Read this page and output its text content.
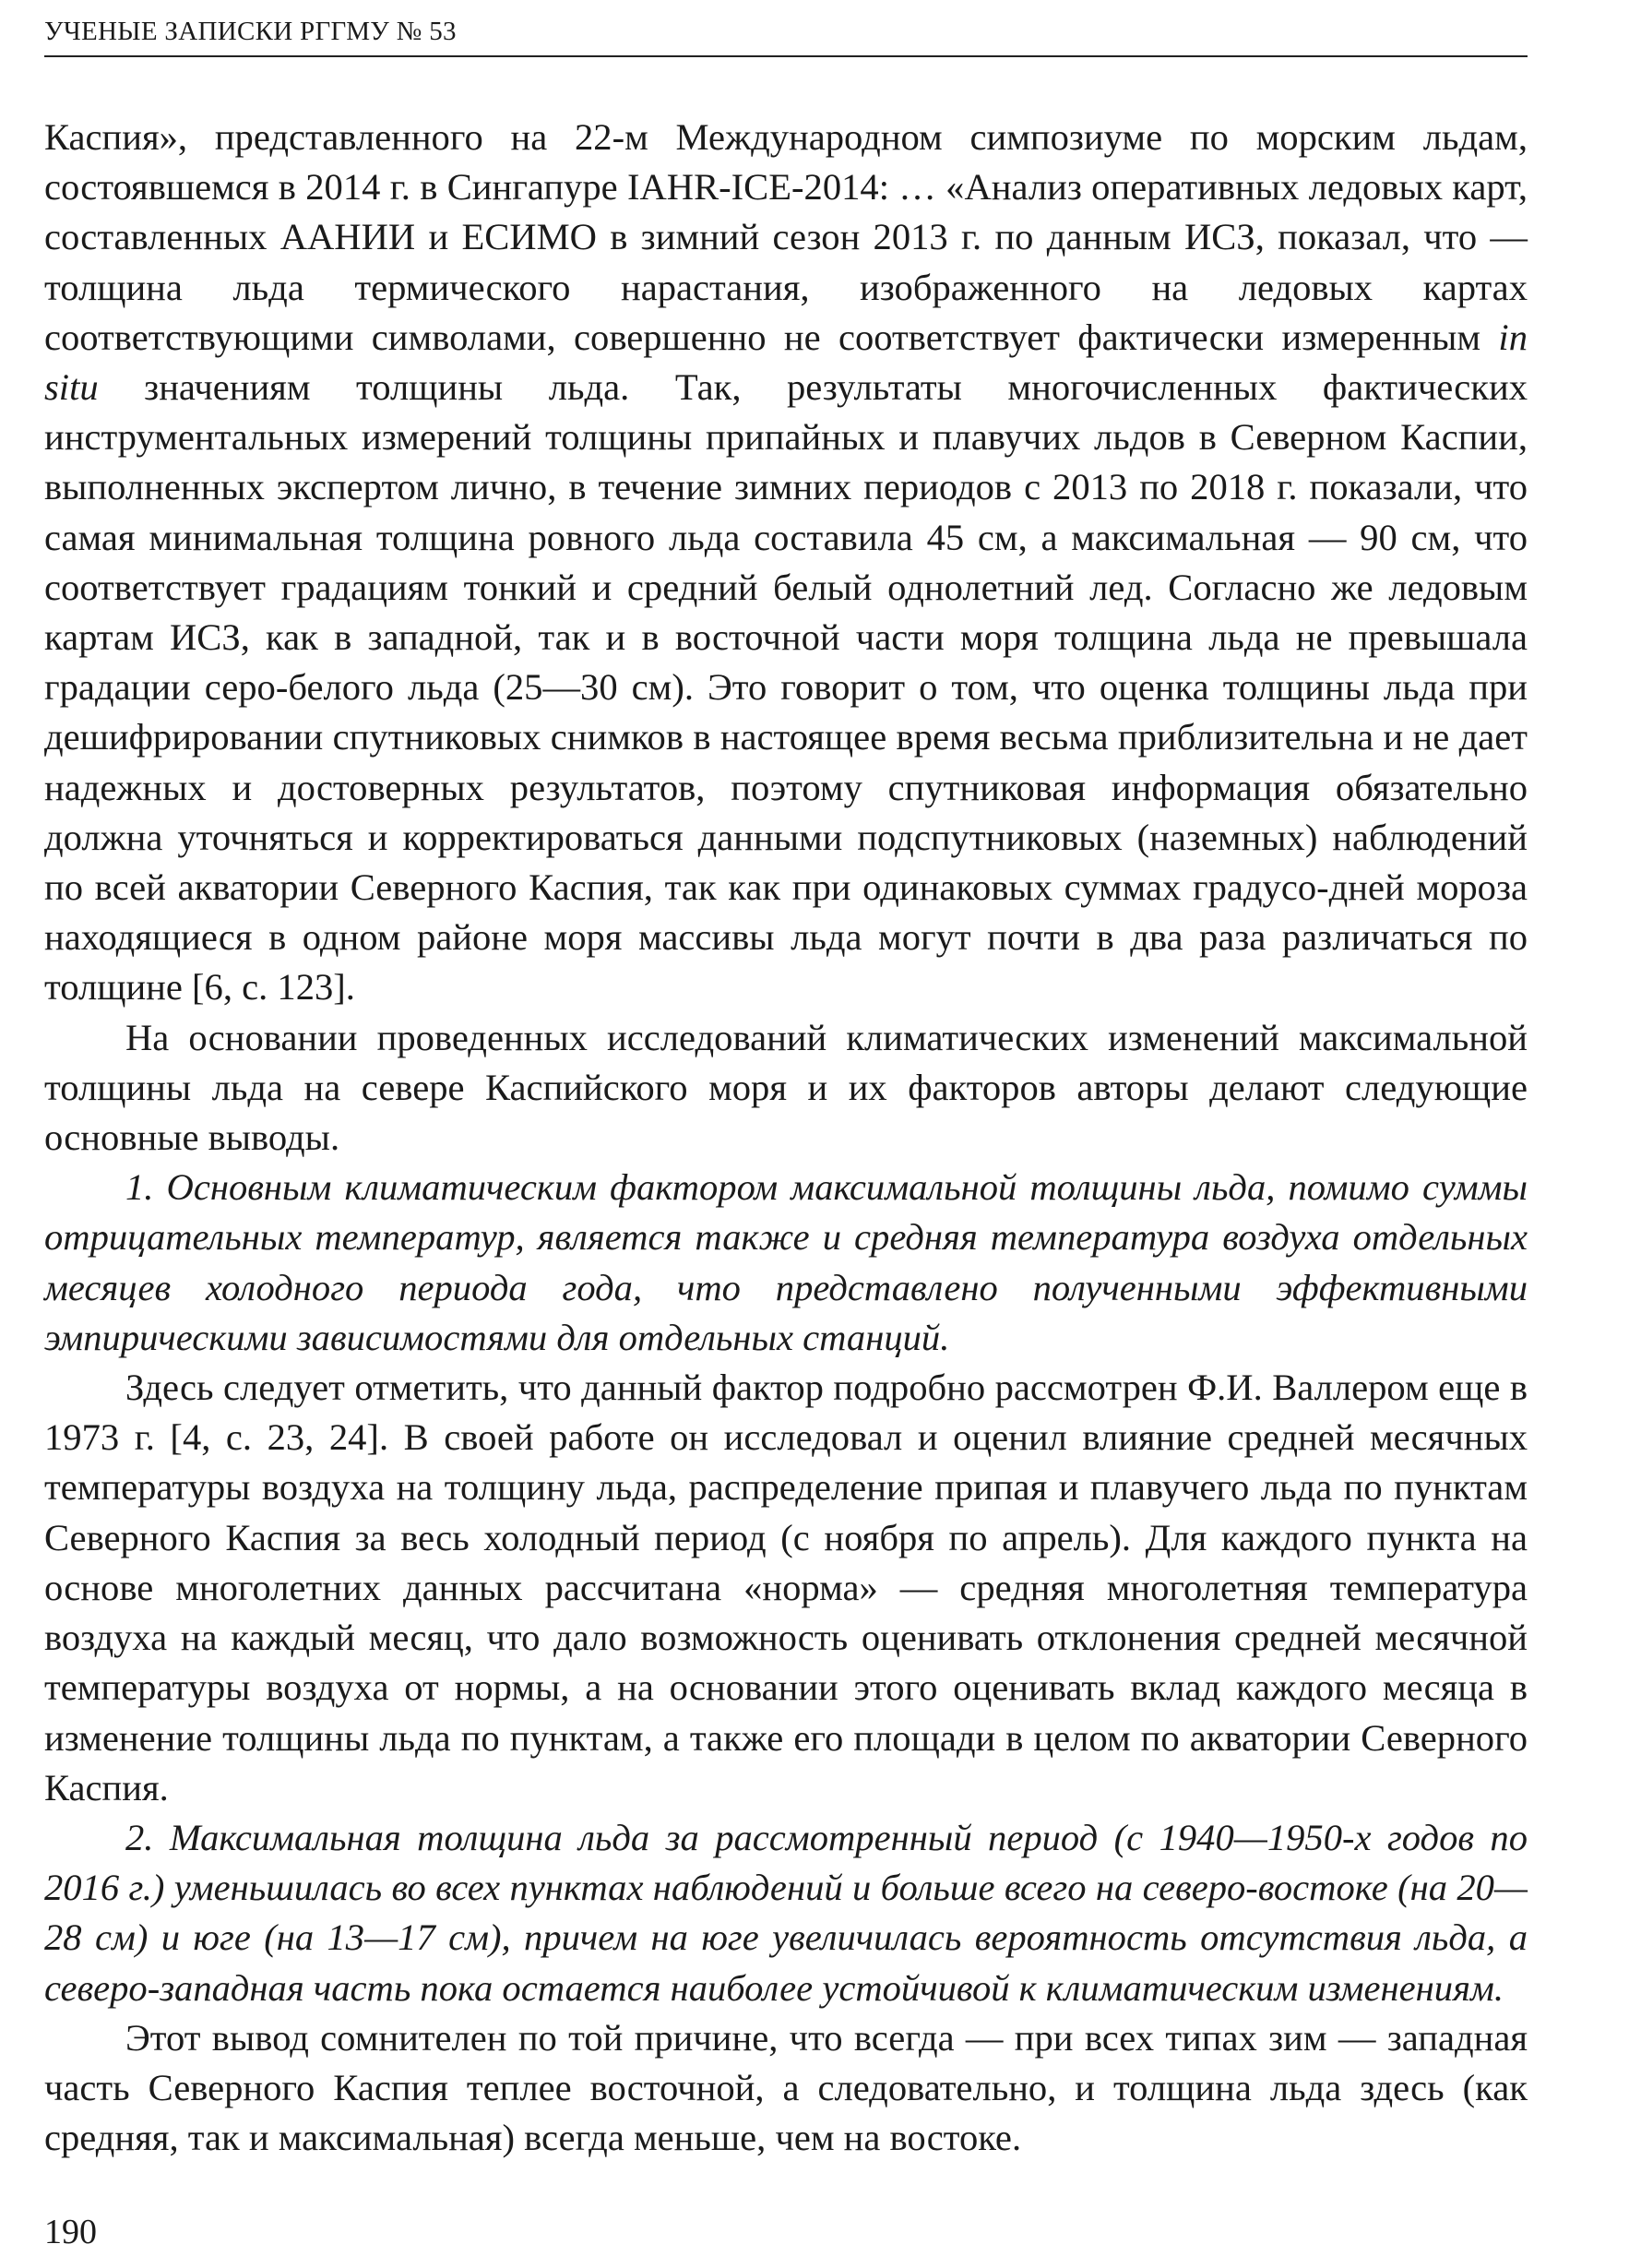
УЧЕНЫЕ ЗАПИСКИ РГГМУ № 53

Каспия», представленного на 22-м Международном симпозиуме по морским льдам, состоявшемся в 2014 г. в Сингапуре IAHR-ICE-2014: … «Анализ оперативных ледовых карт, составленных ААНИИ и ЕСИМО в зимний сезон 2013 г. по данным ИСЗ, показал, что — толщина льда термического нарастания, изображенного на ледовых картах соответствующими символами, совершенно не соответствует фактически измеренным in situ значениям толщины льда. Так, результаты многочисленных фактических инструментальных измерений толщины припайных и плавучих льдов в Северном Каспии, выполненных экспертом лично, в течение зимних периодов с 2013 по 2018 г. показали, что самая минимальная толщина ровного льда составила 45 см, а максимальная — 90 см, что соответствует градациям тонкий и средний белый однолетний лед. Согласно же ледовым картам ИСЗ, как в западной, так и в восточной части моря толщина льда не превышала градации серо-белого льда (25—30 см). Это говорит о том, что оценка толщины льда при дешифрировании спутниковых снимков в настоящее время весьма приблизительна и не дает надежных и достоверных результатов, поэтому спутниковая информация обязательно должна уточняться и корректироваться данными подспутниковых (наземных) наблюдений по всей акватории Северного Каспия, так как при одинаковых суммах градусо-дней мороза находящиеся в одном районе моря массивы льда могут почти в два раза различаться по толщине [6, с. 123].

На основании проведенных исследований климатических изменений максимальной толщины льда на севере Каспийского моря и их факторов авторы делают следующие основные выводы.

1. Основным климатическим фактором максимальной толщины льда, помимо суммы отрицательных температур, является также и средняя температура воздуха отдельных месяцев холодного периода года, что представлено полученными эффективными эмпирическими зависимостями для отдельных станций.

Здесь следует отметить, что данный фактор подробно рассмотрен Ф.И. Валлером еще в 1973 г. [4, с. 23, 24]. В своей работе он исследовал и оценил влияние средней месячных температуры воздуха на толщину льда, распределение припая и плавучего льда по пунктам Северного Каспия за весь холодный период (с ноября по апрель). Для каждого пункта на основе многолетних данных рассчитана «норма» — средняя многолетняя температура воздуха на каждый месяц, что дало возможность оценивать отклонения средней месячной температуры воздуха от нормы, а на основании этого оценивать вклад каждого месяца в изменение толщины льда по пунктам, а также его площади в целом по акватории Северного Каспия.

2. Максимальная толщина льда за рассмотренный период (с 1940—1950-х годов по 2016 г.) уменьшилась во всех пунктах наблюдений и больше всего на северо-востоке (на 20—28 см) и юге (на 13—17 см), причем на юге увеличилась вероятность отсутствия льда, а северо-западная часть пока остается наиболее устойчивой к климатическим изменениям.

Этот вывод сомнителен по той причине, что всегда — при всех типах зим — западная часть Северного Каспия теплее восточной, а следовательно, и толщина льда здесь (как средняя, так и максимальная) всегда меньше, чем на востоке.

190
